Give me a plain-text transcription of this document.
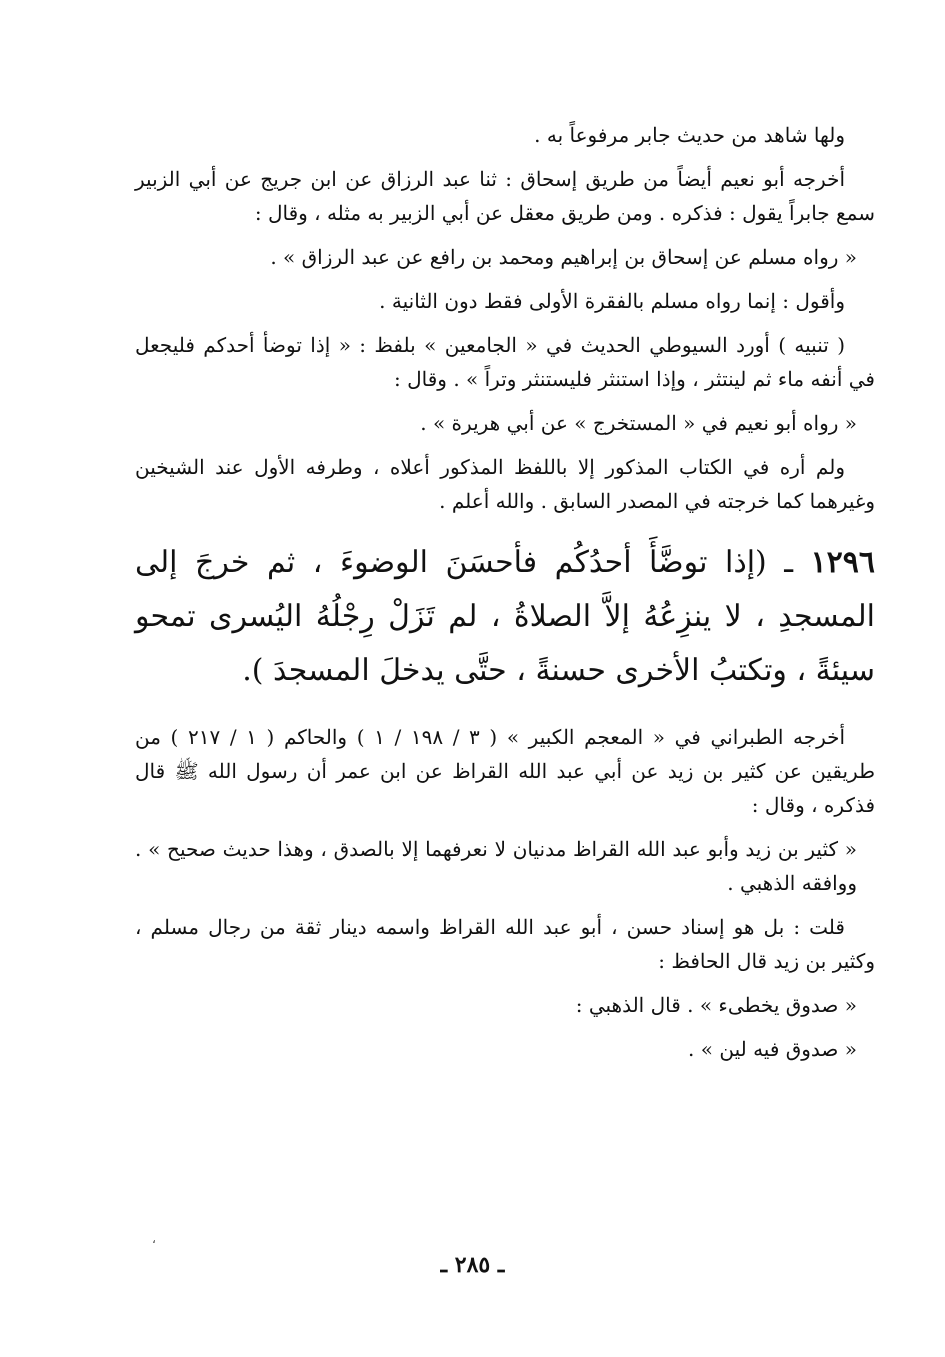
ولها شاهد من حديث جابر مرفوعاً به .

أخرجه أبو نعيم أيضاً من طريق إسحاق : ثنا عبد الرزاق عن ابن جريج عن أبي الزبير سمع جابراً يقول : فذكره . ومن طريق معقل عن أبي الزبير به مثله ، وقال :

« رواه مسلم عن إسحاق بن إبراهيم ومحمد بن رافع عن عبد الرزاق » .

وأقول : إنما رواه مسلم بالفقرة الأولى فقط دون الثانية .

( تنبيه ) أورد السيوطي الحديث في « الجامعين » بلفظ : « إذا توضأ أحدكم فليجعل في أنفه ماء ثم لينتثر ، وإذا استنثر فليستنثر وتراً » . وقال :

« رواه أبو نعيم في « المستخرج » عن أبي هريرة » .

ولم أره في الكتاب المذكور إلا باللفظ المذكور أعلاه ، وطرفه الأول عند الشيخين وغيرهما كما خرجته في المصدر السابق . والله أعلم .

١٢٩٦ ـ (إذا توضَّأَ أحدُكُم فأحسَنَ الوضوءَ ، ثم خرجَ إلى المسجدِ ، لا ينزِعُهُ إلاَّ الصلاةُ ، لم تَزَلْ رِجْلُهُ اليُسرى تمحو سيئةً ، وتكتبُ الأخرى حسنةً ، حتَّى يدخلَ المسجدَ ).

أخرجه الطبراني في « المعجم الكبير » ( ٣ / ١٩٨ / ١ ) والحاكم ( ١ / ٢١٧ ) من طريقين عن كثير بن زيد عن أبي عبد الله القراظ عن ابن عمر أن رسول الله ﷺ قال فذكره ، وقال :

« كثير بن زيد وأبو عبد الله القراظ مدنيان لا نعرفهما إلا بالصدق ، وهذا حديث صحيح » . ووافقه الذهبي .

قلت : بل هو إسناد حسن ، أبو عبد الله القراظ واسمه دينار ثقة من رجال مسلم ، وكثير بن زيد قال الحافظ :

« صدوق يخطىء » . قال الذهبي :

« صدوق فيه لين » .

،
ـ ٢٨٥ ـ
